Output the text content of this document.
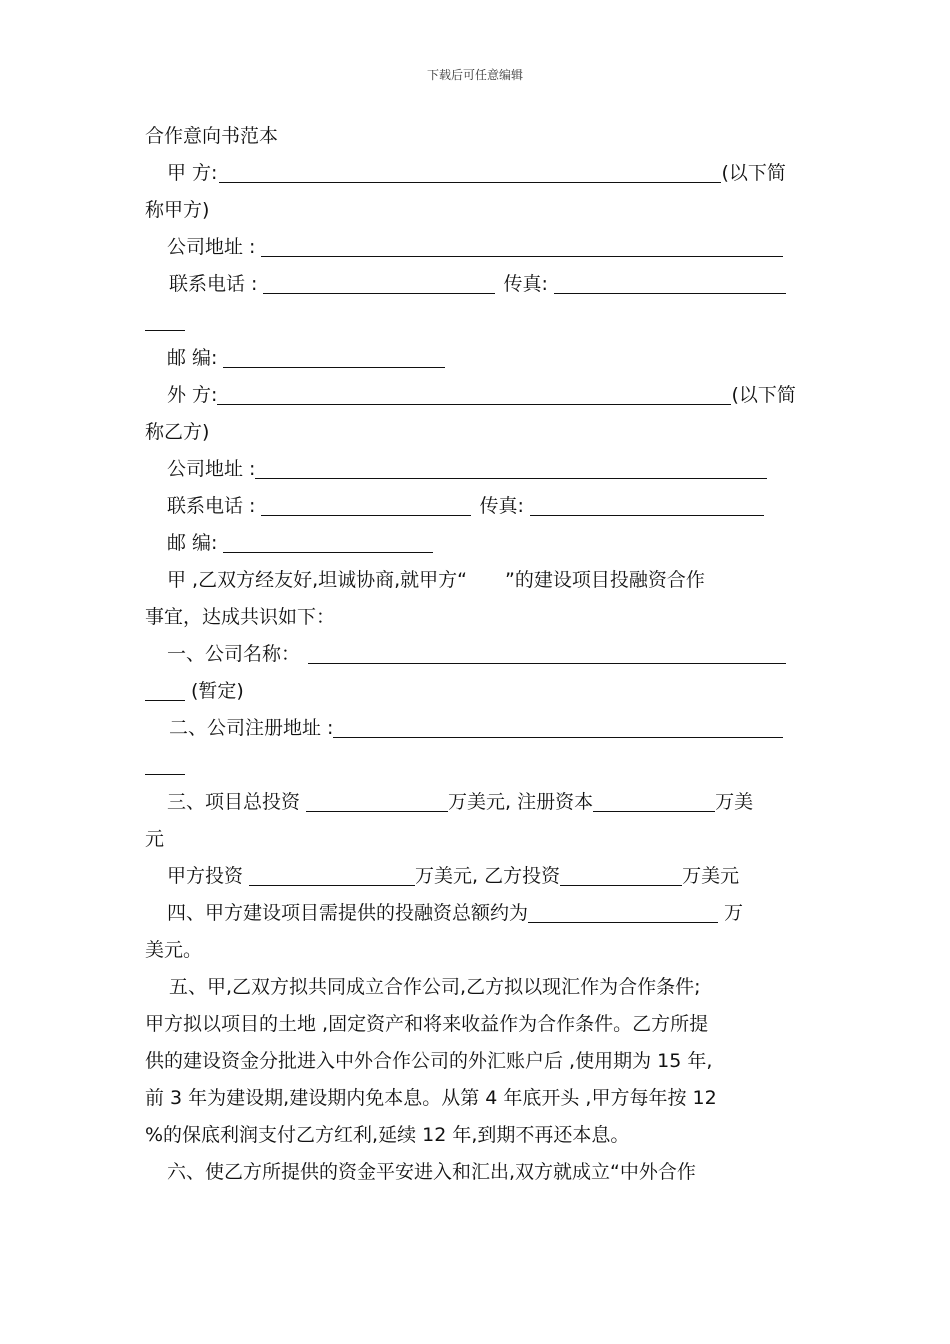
下载后可任意编辑
合作意向书范本
甲 方:	(以下简
称甲方)
公司地址 :
联系电话 :	传真:
邮 编:
外 方:	(以下简
称乙方)
公司地址 :
联系电话 :	传真:
邮 编:
甲 ,乙双方经友好,坦诚协商,就甲方“　　”的建设项目投融资合作
事宜，达成共识如下：
一、公司名称：
(暂定)
二、公司注册地址 :
三、项目总投资	万美元, 注册资本	万美
元
甲方投资	万美元, 乙方投资	万美元
四、甲方建设项目需提供的投融资总额约为	万
美元。
五、甲,乙双方拟共同成立合作公司,乙方拟以现汇作为合作条件;
甲方拟以项目的土地 ,固定资产和将来收益作为合作条件。乙方所提
供的建设资金分批进入中外合作公司的外汇账户后 ,使用期为 15 年,
前 3 年为建设期,建设期内免本息。从第 4 年底开头 ,甲方每年按 12
%的保底利润支付乙方红利,延续 12 年,到期不再还本息。
六、使乙方所提供的资金平安进入和汇出,双方就成立“中外合作
